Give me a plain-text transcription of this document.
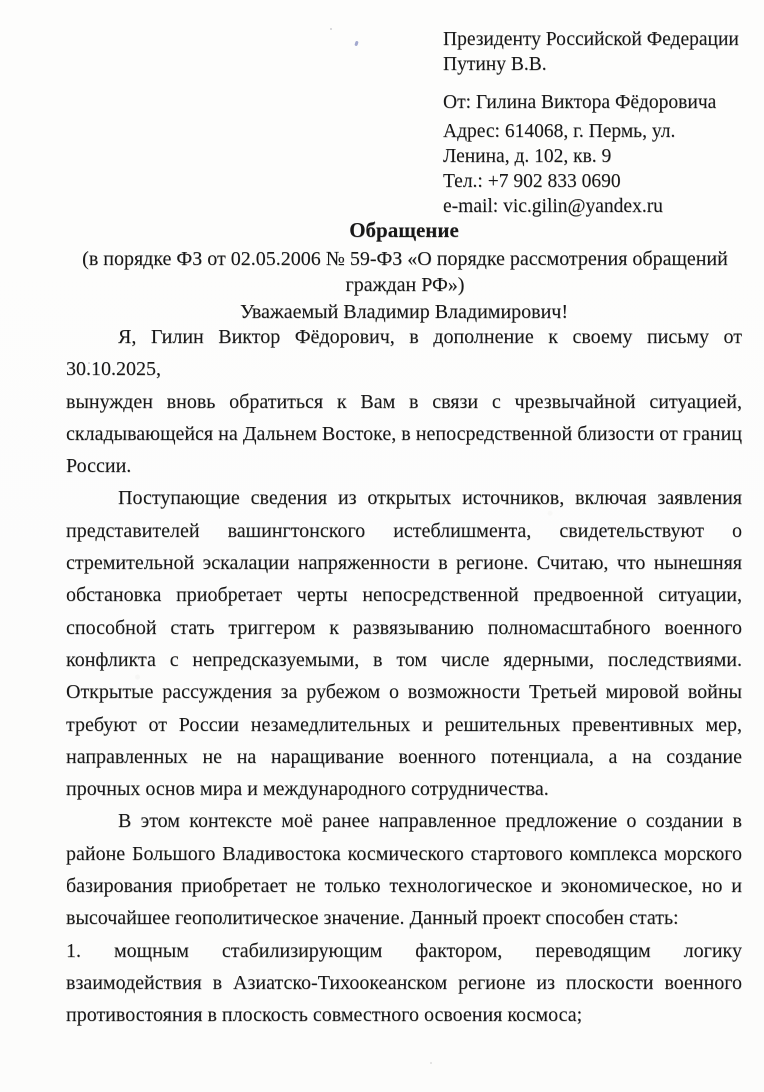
Президенту Российской Федерации
Путину В.В.
От: Гилина Виктора Фёдоровича
Адрес: 614068, г. Пермь, ул.
Ленина, д. 102, кв. 9
Тел.: +7 902 833 0690
e-mail: vic.gilin@yandex.ru
Обращение
(в порядке ФЗ от 02.05.2006 № 59-ФЗ «О порядке рассмотрения обращений
граждан РФ»)
Уважаемый Владимир Владимирович!
Я, Гилин Виктор Фёдорович, в дополнение к своему письму от 30.10.2025,
вынужден вновь обратиться к Вам в связи с чрезвычайной ситуацией,
складывающейся на Дальнем Востоке, в непосредственной близости от границ
России.
Поступающие сведения из открытых источников, включая заявления
представителей вашингтонского истеблишмента, свидетельствуют о
стремительной эскалации напряженности в регионе. Считаю, что нынешняя
обстановка приобретает черты непосредственной предвоенной ситуации,
способной стать триггером к развязыванию полномасштабного военного
конфликта с непредсказуемыми, в том числе ядерными, последствиями.
Открытые рассуждения за рубежом о возможности Третьей мировой войны
требуют от России незамедлительных и решительных превентивных мер,
направленных не на наращивание военного потенциала, а на создание
прочных основ мира и международного сотрудничества.
В этом контексте моё ранее направленное предложение о создании в
районе Большого Владивостока космического стартового комплекса морского
базирования приобретает не только технологическое и экономическое, но и
высочайшее геополитическое значение. Данный проект способен стать:
1. мощным стабилизирующим фактором, переводящим логику
взаимодействия в Азиатско-Тихоокеанском регионе из плоскости военного
противостояния в плоскость совместного освоения космоса;
